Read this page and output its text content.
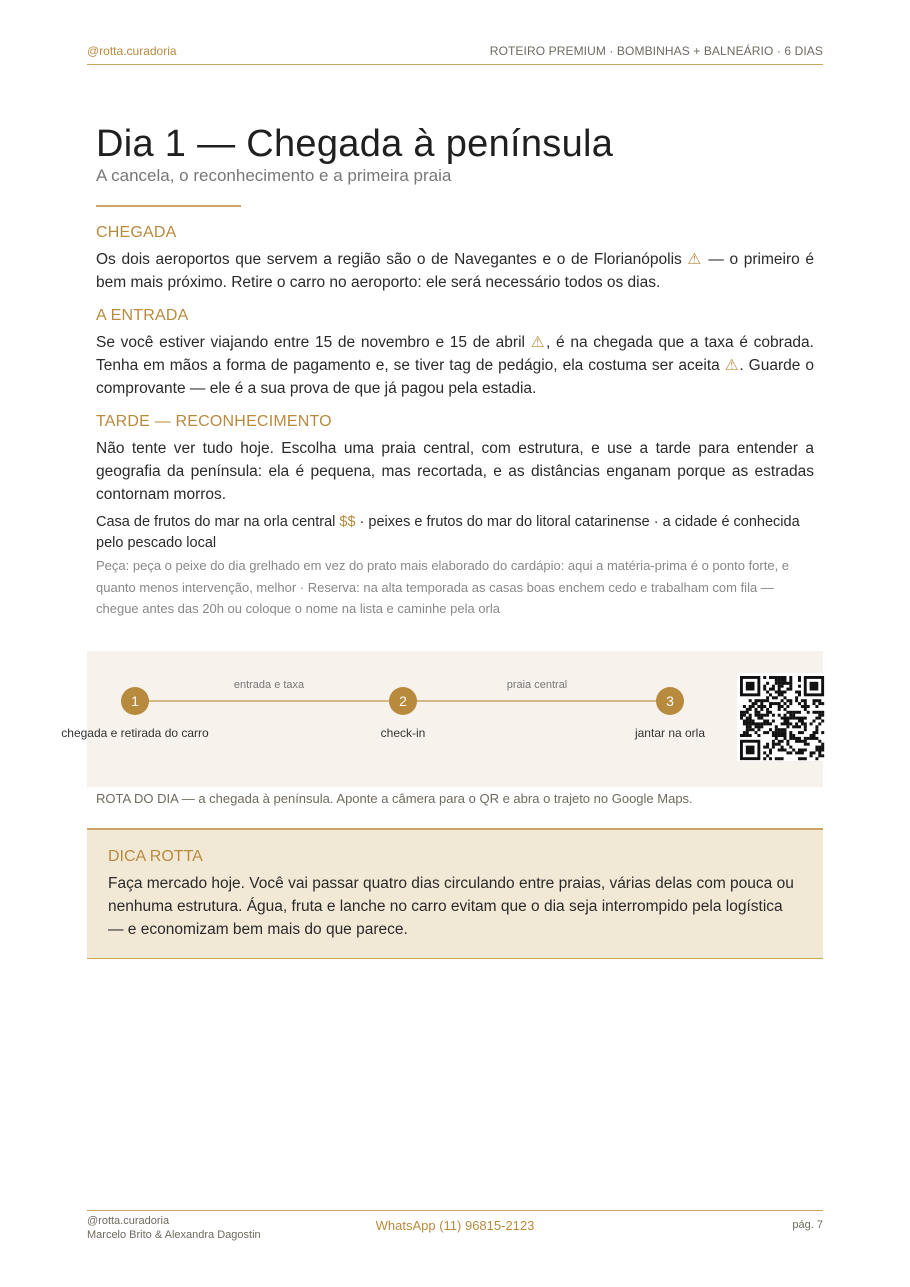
@rotta.curadoria	ROTEIRO PREMIUM · BOMBINHAS + BALNEÁRIO · 6 DIAS
Dia 1 — Chegada à península
A cancela, o reconhecimento e a primeira praia
CHEGADA

Os dois aeroportos que servem a região são o de Navegantes e o de Florianópolis ⚠ — o primeiro é bem mais próximo. Retire o carro no aeroporto: ele será necessário todos os dias.

A ENTRADA

Se você estiver viajando entre 15 de novembro e 15 de abril ⚠, é na chegada que a taxa é cobrada. Tenha em mãos a forma de pagamento e, se tiver tag de pedágio, ela costuma ser aceita ⚠. Guarde o comprovante — ele é a sua prova de que já pagou pela estadia.

TARDE — RECONHECIMENTO

Não tente ver tudo hoje. Escolha uma praia central, com estrutura, e use a tarde para entender a geografia da península: ela é pequena, mas recortada, e as distâncias enganam porque as estradas contornam morros.

Casa de frutos do mar na orla central $$ · peixes e frutos do mar do litoral catarinense · a cidade é conhecida pelo pescado local
Peça: peça o peixe do dia grelhado em vez do prato mais elaborado do cardápio: aqui a matéria-prima é o ponto forte, e quanto menos intervenção, melhor · Reserva: na alta temporada as casas boas enchem cedo e trabalham com fila — chegue antes das 20h ou coloque o nome na lista e caminhe pela orla
entrada e taxa	praia central
1
chegada e retirada do carro
2
check-in
3
jantar na orla
ROTA DO DIA — a chegada à península. Aponte a câmera para o QR e abra o trajeto no Google Maps.
DICA ROTTA
Faça mercado hoje. Você vai passar quatro dias circulando entre praias, várias delas com pouca ou nenhuma estrutura. Água, fruta e lanche no carro evitam que o dia seja interrompido pela logística — e economizam bem mais do que parece.
@rotta.curadoria
Marcelo Brito & Alexandra Dagostin
WhatsApp (11) 96815-2123	pág. 7
